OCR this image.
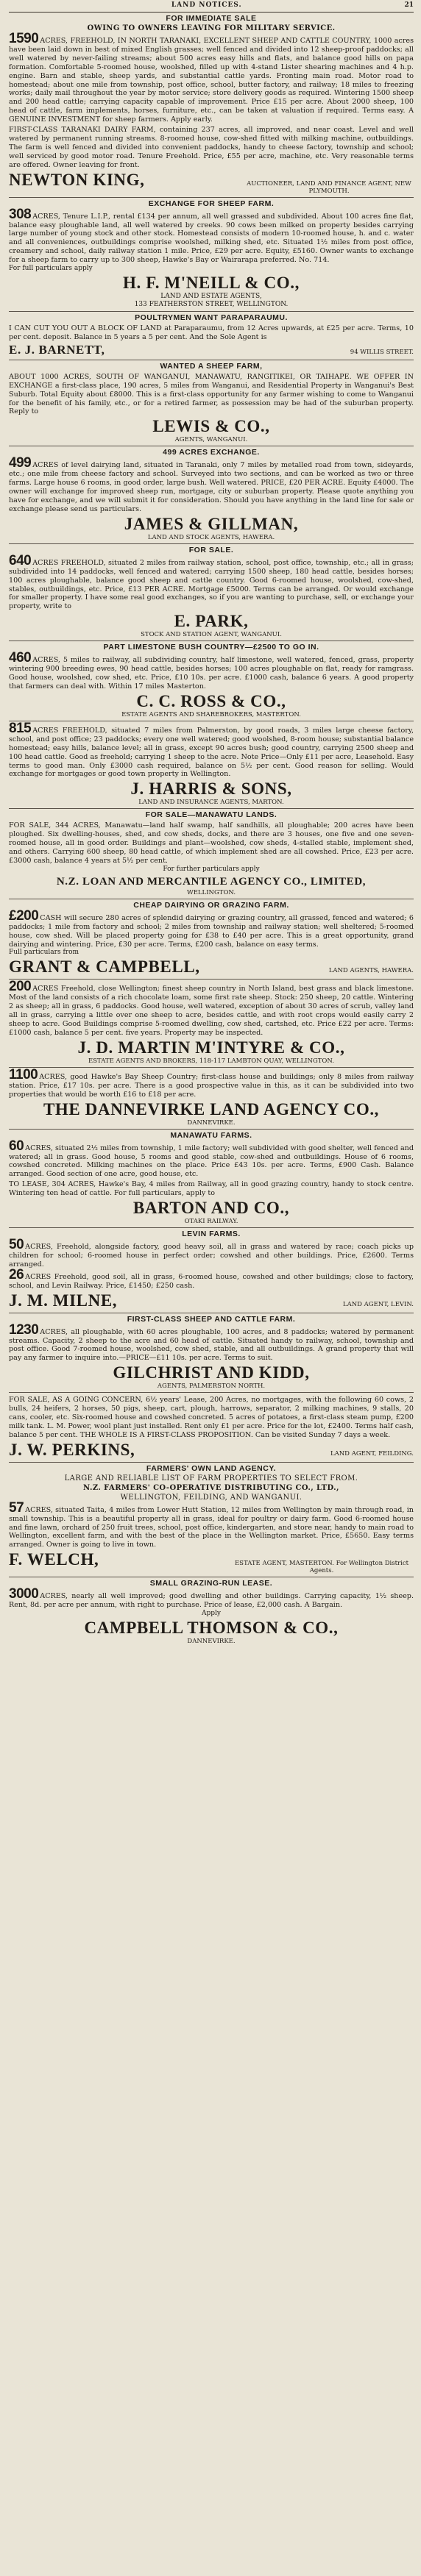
LAND NOTICES.	21
FOR IMMEDIATE SALE
OWING TO OWNERS LEAVING FOR MILITARY SERVICE.
1590 ACRES, FREEHOLD, IN NORTH TARANAKI, EXCELLENT SHEEP AND CATTLE COUNTRY, 1000 acres have been laid down in best of mixed English grasses; well fenced and divided into 12 sheep-proof paddocks; all well watered by never-failing streams; about 500 acres easy hills and flats, and balance good hills on papa formation. Comfortable 5-roomed house, woolshed, filled up with 4-stand Lister shearing machines and 4 h.p. engine. Barn and stable, sheep yards, and substantial cattle yards. Fronting main road. Motor road to homestead; about one mile from township, post office, school, butter factory, and railway; 18 miles to freezing works; daily mail throughout the year by motor service; store delivery goods as required. Wintering 1500 sheep and 200 head cattle; carrying capacity capable of improvement. Price £15 per acre. About 2000 sheep, 100 head of cattle, farm implements, horses, furniture, etc., can be taken at valuation if required. Terms easy. A GENUINE INVESTMENT for sheep farmers. Apply early.
FIRST-CLASS TARANAKI DAIRY FARM, containing 237 acres, all improved, and near coast. Level and well watered by permanent running streams. 8-roomed house, cow-shed fitted with milking machine, outbuildings. The farm is well fenced and divided into convenient paddocks, handy to cheese factory, township and school; well serviced by good motor road. Tenure Freehold. Price, £55 per acre, machine, etc. Very reasonable terms are offered. Owner leaving for front.
NEWTON KING,	AUCTIONEER, LAND AND FINANCE AGENT, NEW PLYMOUTH.
EXCHANGE FOR SHEEP FARM.
308 ACRES, Tenure L.I.P., rental £134 per annum, all well grassed and subdivided. About 100 acres fine flat, balance easy ploughable land, all well watered by creeks. 90 cows been milked on property besides carrying large number of young stock and other stock. Homestead consists of modern 10-roomed house, h. and c. water and all conveniences, outbuildings comprise woolshed, milking shed, etc. Situated 1½ miles from post office, creamery and school, daily railway station 1 mile. Price, £29 per acre. Equity, £5160. Owner wants to exchange for a sheep farm to carry up to 300 sheep, Hawke's Bay or Wairarapa preferred. No. 714.
For full particulars apply
H. F. M'NEILL & CO.,
LAND AND ESTATE AGENTS,
133 FEATHERSTON STREET, WELLINGTON.
POULTRYMEN WANT PARAPARAUMU.
I CAN CUT YOU OUT A BLOCK OF LAND at Paraparaumu, from 12 Acres upwards, at £25 per acre. Terms, 10 per cent. deposit. Balance in 5 years a 5 per cent. And the Sole Agent is
E. J. BARNETT,	94 WILLIS STREET.
WANTED A SHEEP FARM,
ABOUT 1000 ACRES, SOUTH OF WANGANUI, MANAWATU, RANGITIKEI, OR TAIHAPE. WE OFFER IN EXCHANGE a first-class place, 190 acres, 5 miles from Wanganui, and Residential Property in Wanganui's Best Suburb. Total Equity about £8000. This is a first-class opportunity for any farmer wishing to come to Wanganui for the benefit of his family, etc., or for a retired farmer, as possession may be had of the suburban property. Reply to
LEWIS & CO.,
AGENTS, WANGANUI.
499 ACRES EXCHANGE.
499 ACRES of level dairying land, situated in Taranaki, only 7 miles by metalled road from town, sideyards, etc.; one mile from cheese factory and school. Surveyed into two sections, and can be worked as two or three farms. Large house 6 rooms, in good order, large bush. Well watered. PRICE, £20 PER ACRE. Equity £4000. The owner will exchange for improved sheep run, mortgage, city or suburban property. Please quote anything you have for exchange, and we will submit it for consideration. Should you have anything in the land line for sale or exchange please send us particulars.
JAMES & GILLMAN,
LAND AND STOCK AGENTS, HAWERA.
FOR SALE.
640 ACRES FREEHOLD, situated 2 miles from railway station, school, post office, township, etc.; all in grass; subdivided into 14 paddocks, well fenced and watered; carrying 1500 sheep, 180 head cattle, besides horses; 100 acres ploughable, balance good sheep and cattle country. Good 6-roomed house, woolshed, cow-shed, stables, outbuildings, etc. Price, £13 PER ACRE. Mortgage £5000. Terms can be arranged. Or would exchange for smaller property. I have some real good exchanges, so if you are wanting to purchase, sell, or exchange your property, write to
E. PARK,
STOCK AND STATION AGENT, WANGANUI.
PART LIMESTONE BUSH COUNTRY—£2500 TO GO IN.
460 ACRES, 5 miles to railway, all subdividing country, half limestone, well watered, fenced, grass, property wintering 900 breeding ewes, 90 head cattle, besides horses; 100 acres ploughable on flat, ready for ramgrass. Good house, woolshed, cow shed, etc. Price, £10 10s. per acre. £1000 cash, balance 6 years. A good property that farmers can deal with. Within 17 miles Masterton.
C. C. ROSS & CO.,
ESTATE AGENTS AND SHAREBROKERS, MASTERTON.
815 ACRES FREEHOLD, situated 7 miles from Palmerston, by good roads, 3 miles large cheese factory, school, and post office; 23 paddocks; every one well watered; good woolshed, 8-room house; substantial balance homestead; easy hills, balance level; all in grass, except 90 acres bush; good country, carrying 2500 sheep and 100 head cattle. Good as freehold; carrying 1 sheep to the acre. Note Price—Only £11 per acre, Leasehold. Easy terms to good man. Only £3000 cash required, balance on 5½ per cent. Good reason for selling. Would exchange for mortgages or good town property in Wellington.
J. HARRIS & SONS,
LAND AND INSURANCE AGENTS, MARTON.
FOR SALE—MANAWATU LANDS.
FOR SALE, 344 ACRES, Manawatu—land half swamp, half sandhills, all ploughable; 200 acres have been ploughed. Six dwelling-houses, shed, and cow sheds, docks, and there are 3 houses, one five and one seven-roomed house, all in good order. Buildings and plant—woolshed, cow sheds, 4-stalled stable, implement shed, and others. Carrying 600 sheep, 80 head cattle, of which implement shed are all cowshed. Price, £23 per acre. £3000 cash, balance 4 years at 5½ per cent.
For further particulars apply
N.Z. LOAN AND MERCANTILE AGENCY CO., LIMITED,
WELLINGTON.
CHEAP DAIRYING OR GRAZING FARM.
£200 CASH will secure 280 acres of splendid dairying or grazing country, all grassed, fenced and watered; 6 paddocks; 1 mile from factory and school; 2 miles from township and railway station; well sheltered; 5-roomed house, cow shed. Will be placed property going for £38 to £40 per acre. This is a great opportunity, grand dairying and wintering. Price, £30 per acre. Terms, £200 cash, balance on easy terms.
Full particulars from
GRANT & CAMPBELL,	LAND AGENTS, HAWERA.
200 ACRES Freehold, close Wellington; finest sheep country in North Island, best grass and black limestone. Most of the land consists of a rich chocolate loam, some first rate sheep. Stock: 250 sheep, 20 cattle. Wintering 2 as sheep; all in grass, 6 paddocks. Good house, well watered, exception of about 30 acres of scrub, valley land all in grass, carrying a little over one sheep to acre, besides cattle, and with root crops would easily carry 2 sheep to acre. Good Buildings comprise 5-roomed dwelling, cow shed, cartshed, etc. Price £22 per acre. Terms: £1000 cash, balance 5 per cent. five years. Property may be inspected.
J. D. MARTIN M'INTYRE & CO.,
ESTATE AGENTS AND BROKERS, 118-117 LAMBTON QUAY, WELLINGTON.
1100 ACRES, good Hawke's Bay Sheep Country; first-class house and buildings; only 8 miles from railway station. Price, £17 10s. per acre. There is a good prospective value in this, as it can be subdivided into two properties that would be worth £16 to £18 per acre.
THE DANNEVIRKE LAND AGENCY CO.,
DANNEVIRKE.
MANAWATU FARMS.
60 ACRES, situated 2½ miles from township, 1 mile factory; well subdivided with good shelter, well fenced and watered; all in grass. Good house, 5 rooms and good stable, cow-shed and outbuildings. House of 6 rooms, cowshed concreted. Milking machines on the place. Price £43 10s. per acre. Terms, £900 Cash. Balance arranged. Good section of one acre, good house, etc.
TO LEASE, 304 ACRES, Hawke's Bay, 4 miles from Railway, all in good grazing country, handy to stock centre. Wintering ten head of cattle. For full particulars, apply to
BARTON AND CO.,
OTAKI RAILWAY.
LEVIN FARMS.
50 ACRES, Freehold, alongside factory, good heavy soil, all in grass and watered by race; coach picks up children for school; 6-roomed house in perfect order; cowshed and other buildings. Price, £2600. Terms arranged.
26 ACRES Freehold, good soil, all in grass, 6-roomed house, cowshed and other buildings; close to factory, school, and Levin Railway. Price, £1450; £250 cash.
J. M. MILNE,	LAND AGENT, LEVIN.
FIRST-CLASS SHEEP AND CATTLE FARM.
1230 ACRES, all ploughable, with 60 acres ploughable, 100 acres, and 8 paddocks; watered by permanent streams. Capacity, 2 sheep to the acre and 60 head of cattle. Situated handy to railway, school, township and post office. Good 7-roomed house, woolshed, cow shed, stable, and all outbuildings. A grand property that will pay any farmer to inquire into.—PRICE—£11 10s. per acre. Terms to suit.
GILCHRIST AND KIDD,
AGENTS, PALMERSTON NORTH.
FOR SALE, AS A GOING CONCERN, 6½ years' Lease, 200 Acres, no mortgages, with the following 60 cows, 2 bulls, 24 heifers, 2 horses, 50 pigs, sheep, cart, plough, harrows, separator, 2 milking machines, 9 stalls, 20 cans, cooler, etc. Six-roomed house and cowshed concreted. 5 acres of potatoes, a first-class steam pump, £200 milk tank. L. M. Power, wool plant just installed. Rent only £1 per acre. Price for the lot, £2400. Terms half cash, balance 5 per cent. THE WHOLE IS A FIRST-CLASS PROPOSITION. Can be visited Sunday 7 days a week.
J. W. PERKINS,	LAND AGENT, FEILDING.
FARMERS' OWN LAND AGENCY.
LARGE AND RELIABLE LIST OF FARM PROPERTIES TO SELECT FROM.
N.Z. FARMERS' CO-OPERATIVE DISTRIBUTING CO., LTD.,
WELLINGTON, FEILDING, AND WANGANUI.
57 ACRES, situated Taita, 4 miles from Lower Hutt Station, 12 miles from Wellington by main through road, in small township. This is a beautiful property all in grass, ideal for poultry or dairy farm. Good 6-roomed house and fine lawn, orchard of 250 fruit trees, school, post office, kindergarten, and store near, handy to main road to Wellington, excellent farm, and with the best of the place in the Wellington market. Price, £5650. Easy terms arranged. Owner is going to live in town.
F. WELCH,	ESTATE AGENT, MASTERTON. For Wellington District Agents.
SMALL GRAZING-RUN LEASE.
3000 ACRES, nearly all well improved; good dwelling and other buildings. Carrying capacity, 1½ sheep. Rent, 8d. per acre per annum, with right to purchase. Price of lease, £2,000 cash. A Bargain.
Apply
CAMPBELL THOMSON & CO.,
DANNEVIRKE.
